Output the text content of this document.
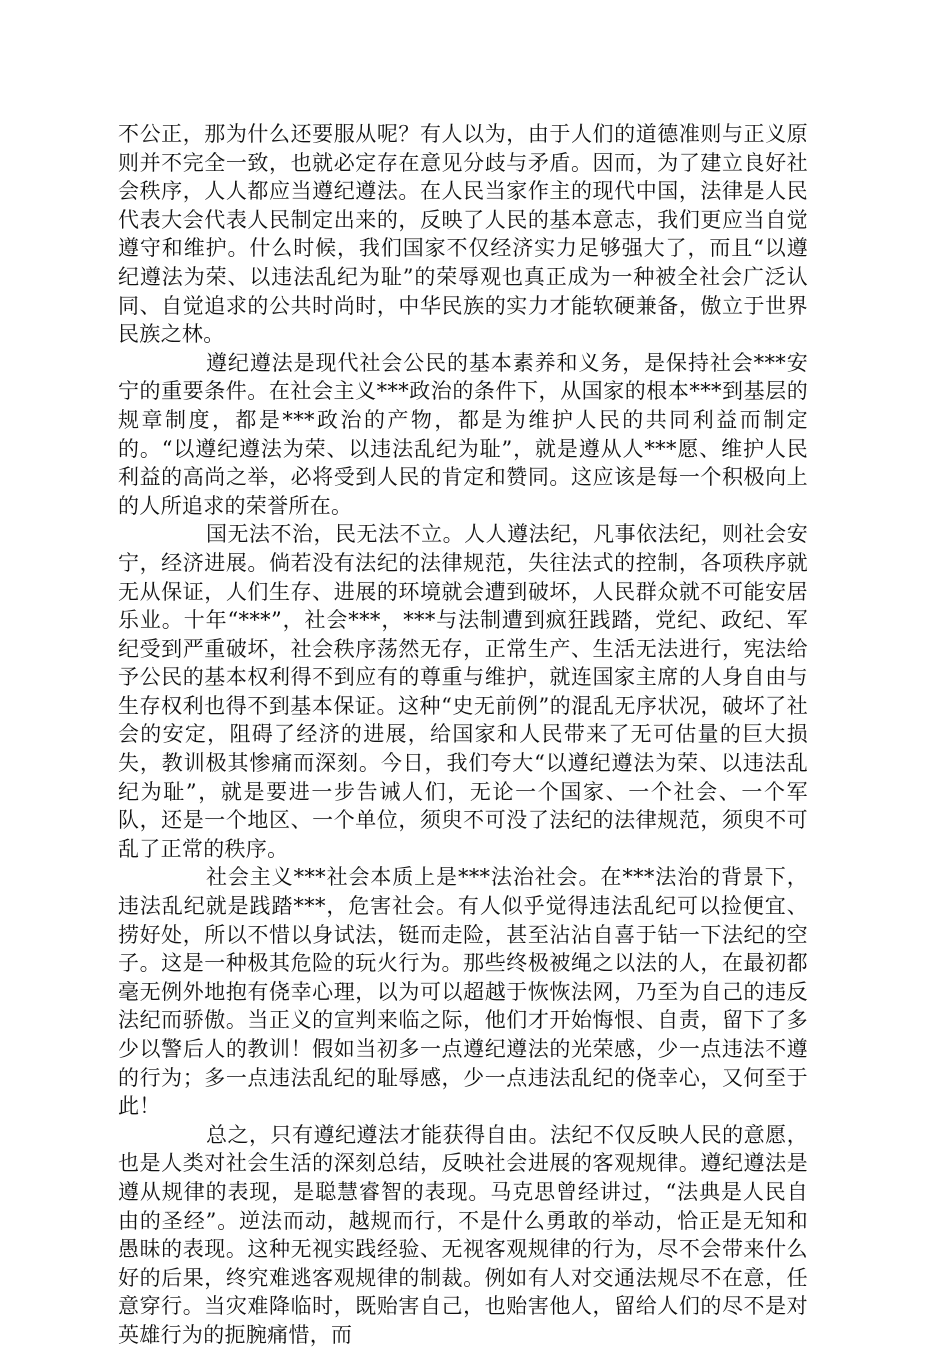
不公正，那为什么还要服从呢？有人以为，由于人们的道德准则与正义原则并不完全一致，也就必定存在意见分歧与矛盾。因而，为了建立良好社会秩序，人人都应当遵纪遵法。在人民当家作主的现代中国，法律是人民代表大会代表人民制定出来的，反映了人民的基本意志，我们更应当自觉遵守和维护。什么时候，我们国家不仅经济实力足够强大了，而且“以遵纪遵法为荣、以违法乱纪为耻”的荣辱观也真正成为一种被全社会广泛认同、自觉追求的公共时尚时，中华民族的实力才能软硬兼备，傲立于世界民族之林。

遵纪遵法是现代社会公民的基本素养和义务，是保持社会***安宁的重要条件。在社会主义***政治的条件下，从国家的根本***到基层的规章制度，都是***政治的产物，都是为维护人民的共同利益而制定的。“以遵纪遵法为荣、以违法乱纪为耻”，就是遵从人***愿、维护人民利益的高尚之举，必将受到人民的肯定和赞同。这应该是每一个积极向上的人所追求的荣誉所在。

国无法不治，民无法不立。人人遵法纪，凡事依法纪，则社会安宁，经济进展。倘若没有法纪的法律规范，失往法式的控制，各项秩序就无从保证，人们生存、进展的环境就会遭到破坏，人民群众就不可能安居乐业。十年“***”，社会***，***与法制遭到疯狂践踏，党纪、政纪、军纪受到严重破坏，社会秩序荡然无存，正常生产、生活无法进行，宪法给予公民的基本权利得不到应有的尊重与维护，就连国家主席的人身自由与生存权利也得不到基本保证。这种“史无前例”的混乱无序状况，破坏了社会的安定，阻碍了经济的进展，给国家和人民带来了无可估量的巨大损失，教训极其惨痛而深刻。今日，我们夸大“以遵纪遵法为荣、以违法乱纪为耻”，就是要进一步告诫人们，无论一个国家、一个社会、一个军队，还是一个地区、一个单位，须臾不可没了法纪的法律规范，须臾不可乱了正常的秩序。

社会主义***社会本质上是***法治社会。在***法治的背景下，违法乱纪就是践踏***，危害社会。有人似乎觉得违法乱纪可以捡便宜、捞好处，所以不惜以身试法，铤而走险，甚至沾沾自喜于钻一下法纪的空子。这是一种极其危险的玩火行为。那些终极被绳之以法的人，在最初都毫无例外地抱有侥幸心理，以为可以超越于恢恢法网，乃至为自己的违反法纪而骄傲。当正义的宣判来临之际，他们才开始悔恨、自责，留下了多少以警后人的教训！假如当初多一点遵纪遵法的光荣感，少一点违法不遵的行为；多一点违法乱纪的耻辱感，少一点违法乱纪的侥幸心，又何至于此！

总之，只有遵纪遵法才能获得自由。法纪不仅反映人民的意愿，也是人类对社会生活的深刻总结，反映社会进展的客观规律。遵纪遵法是遵从规律的表现，是聪慧睿智的表现。马克思曾经讲过，“法典是人民自由的圣经”。逆法而动，越规而行，不是什么勇敢的举动，恰正是无知和愚昧的表现。这种无视实践经验、无视客观规律的行为，尽不会带来什么好的后果，终究难逃客观规律的制裁。例如有人对交通法规尽不在意，任意穿行。当灾难降临时，既贻害自己，也贻害他人，留给人们的尽不是对英雄行为的扼腕痛惜，而
